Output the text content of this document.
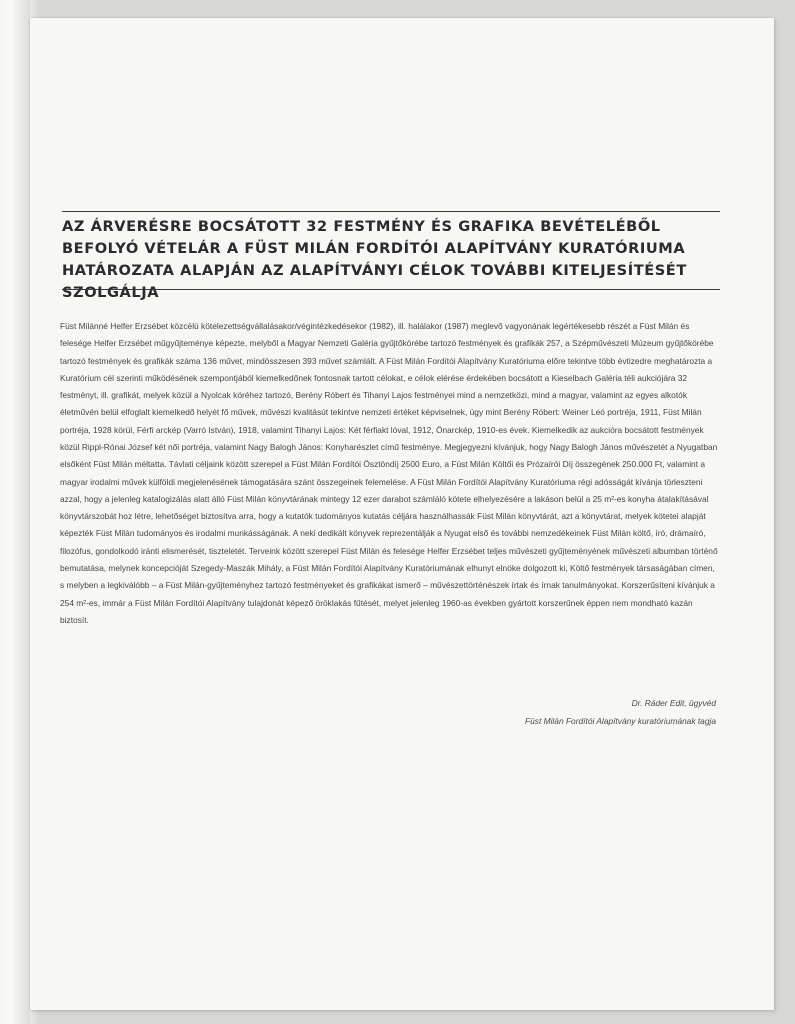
AZ ÁRVERÉSRE BOCSÁTOTT 32 FESTMÉNY ÉS GRAFIKA BEVÉTELÉBŐL BEFOLYÓ VÉTELÁR A FÜST MILÁN FORDÍTÓI ALAPÍTVÁNY KURATÓRIUMA HATÁROZATA ALAPJÁN AZ ALAPÍTVÁNYI CÉLOK TOVÁBBI KITELJESÍTÉSÉT SZOLGÁLJA

Füst Milánné Helfer Erzsébet közcélú kötelezettségvállalásakor/végintézkedésekor (1982), ill. halálakor (1987) meglevő vagyonának legértékesebb részét a Füst Milán és felesége Helfer Erzsébet műgyűjteménye képezte, melyből a Magyar Nemzeti Galéria gyűjtőkörébe tartozó festmények és grafikák 257, a Szépművészeti Múzeum gyűjtőkörébe tartozó festmények és grafikák száma 136 művet, mindösszesen 393 művet számlált. A Füst Milán Fordítói Alapítvány Kuratóriuma előre tekintve több évtizedre meghatározta a Kuratórium cél szerinti működésének szempontjából kiemelkedőnek fontosnak tartott célokat, e célok elérése érdekében bocsátott a Kieselbach Galéria téli aukciójára 32 festményt, ill. grafikát, melyek közül a Nyolcak köréhez tartozó, Berény Róbert és Tihanyi Lajos festményei mind a nemzetközi, mind a magyar, valamint az egyes alkotók életművén belül elfoglalt kiemelkedő helyét fő művek, művészi kvalitásút tekintve nemzeti értéket képviselnek, úgy mint Berény Róbert: Weiner Leó portréja, 1911, Füst Milán portréja, 1928 körül, Férfi arckép (Varró István), 1918, valamint Tihanyi Lajos: Két férfiakt lóval, 1912, Önarckép, 1910-es évek. Kiemelkedik az aukcióra bocsátott festmények közül Rippl-Rónai József két női portréja, valamint Nagy Balogh János: Konyharészlet című festménye. Megjegyezni kívánjuk, hogy Nagy Balogh János művészetét a Nyugatban elsőként Füst Milán méltatta. Távlati céljaink között szerepel a Füst Milán Fordítói Ösztöndíj 2500 Euro, a Füst Milán Költői és Prózaírói Díj összegének 250.000 Ft, valamint a magyar irodalmi művek külföldi megjelenésének támogatására szánt összegeinek felemelése. A Füst Milán Fordítói Alapítvány Kuratóriuma régi adósságát kívánja törleszteni azzal, hogy a jelenleg katalogizálás alatt álló Füst Milán könyvtárának mintegy 12 ezer darabot számláló kötete elhelyezésére a lakáson belül a 25 m²-es konyha átalakításával könyvtárszobát hoz létre, lehetőséget biztosítva arra, hogy a kutatók tudományos kutatás céljára használhassák Füst Milán könyvtárát, azt a könyvtárat, melyek kötetei alapját képezték Füst Milán tudományos és irodalmi munkásságának. A neki dedikált könyvek reprezentálják a Nyugat első és további nemzedékeinek Füst Milán költő, író, drámaíró, filozófus, gondolkodó iránti elismerését, tiszteletét. Terveink között szerepel Füst Milán és felesége Helfer Erzsébet teljes művészeti gyűjteményének művészeti albumban történő bemutatása, melynek koncepcióját Szegedy-Maszák Mihály, a Füst Milán Fordítói Alapítvány Kuratóriumának elhunyt elnöke dolgozott ki, Költő festmények társaságában címen, s melyben a legkiválóbb – a Füst Milán-gyűjteményhez tartozó festményeket és grafikákat ismerő – művészettörténészek írtak és írnak tanulmányokat. Korszerűsíteni kívánjuk a 254 m²-es, immár a Füst Milán Fordítói Alapítvány tulajdonát képező öröklakás fűtését, melyet jelenleg 1960-as években gyártott korszerűnek éppen nem mondható kazán biztosít.

Dr. Ráder Edit, ügyvéd
Füst Milán Fordítói Alapítvány kuratóriumának tagja
